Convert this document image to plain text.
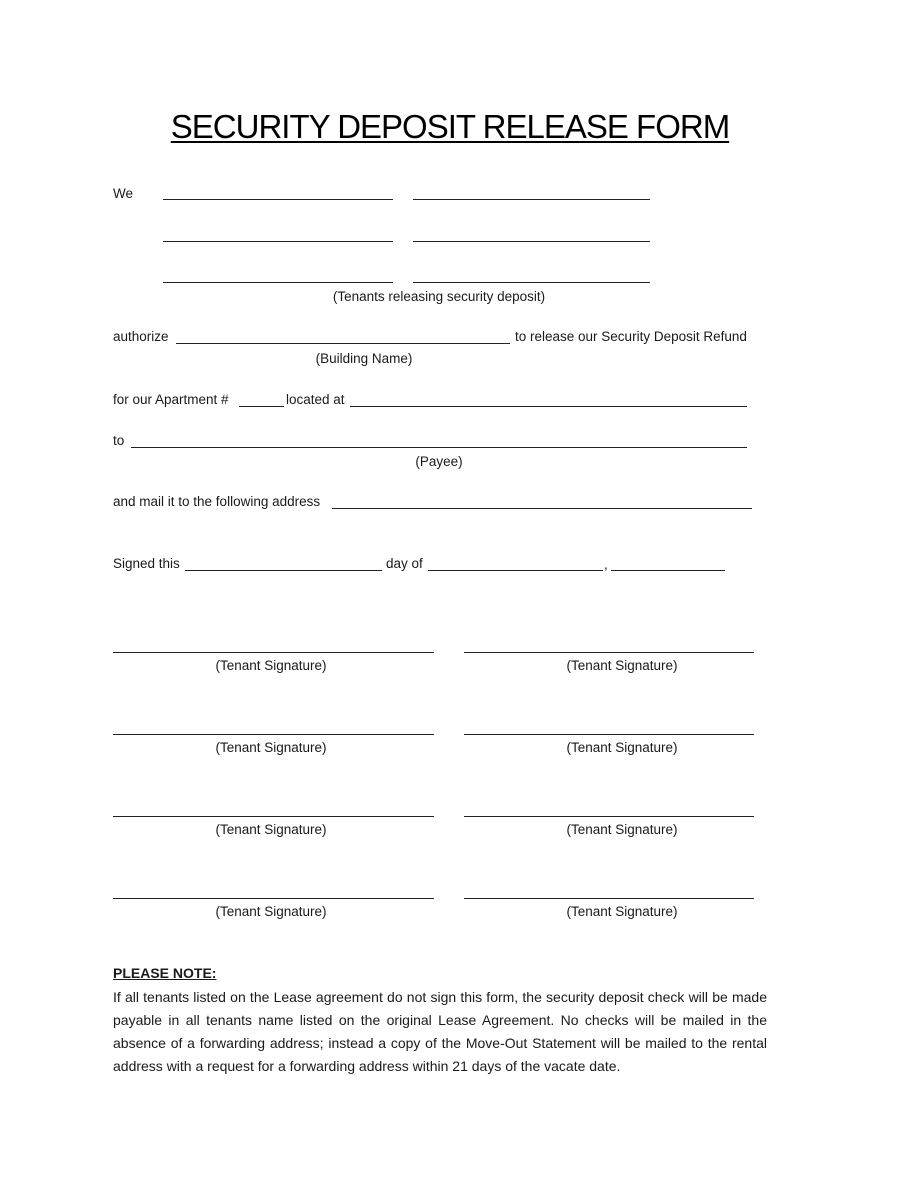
SECURITY DEPOSIT RELEASE FORM
We
(Tenants releasing security deposit)
authorize	to release our Security Deposit Refund
(Building Name)
for our Apartment #	located at
to
(Payee)
and mail it to the following address
Signed this	day of	,
(Tenant Signature)	(Tenant Signature)
(Tenant Signature)	(Tenant Signature)
(Tenant Signature)	(Tenant Signature)
(Tenant Signature)	(Tenant Signature)
PLEASE NOTE:
If all tenants listed on the Lease agreement do not sign this form, the security deposit check will be made payable in all tenants name listed on the original Lease Agreement. No checks will be mailed in the absence of a forwarding address; instead a copy of the Move-Out Statement will be mailed to the rental address with a request for a forwarding address within 21 days of the vacate date.
